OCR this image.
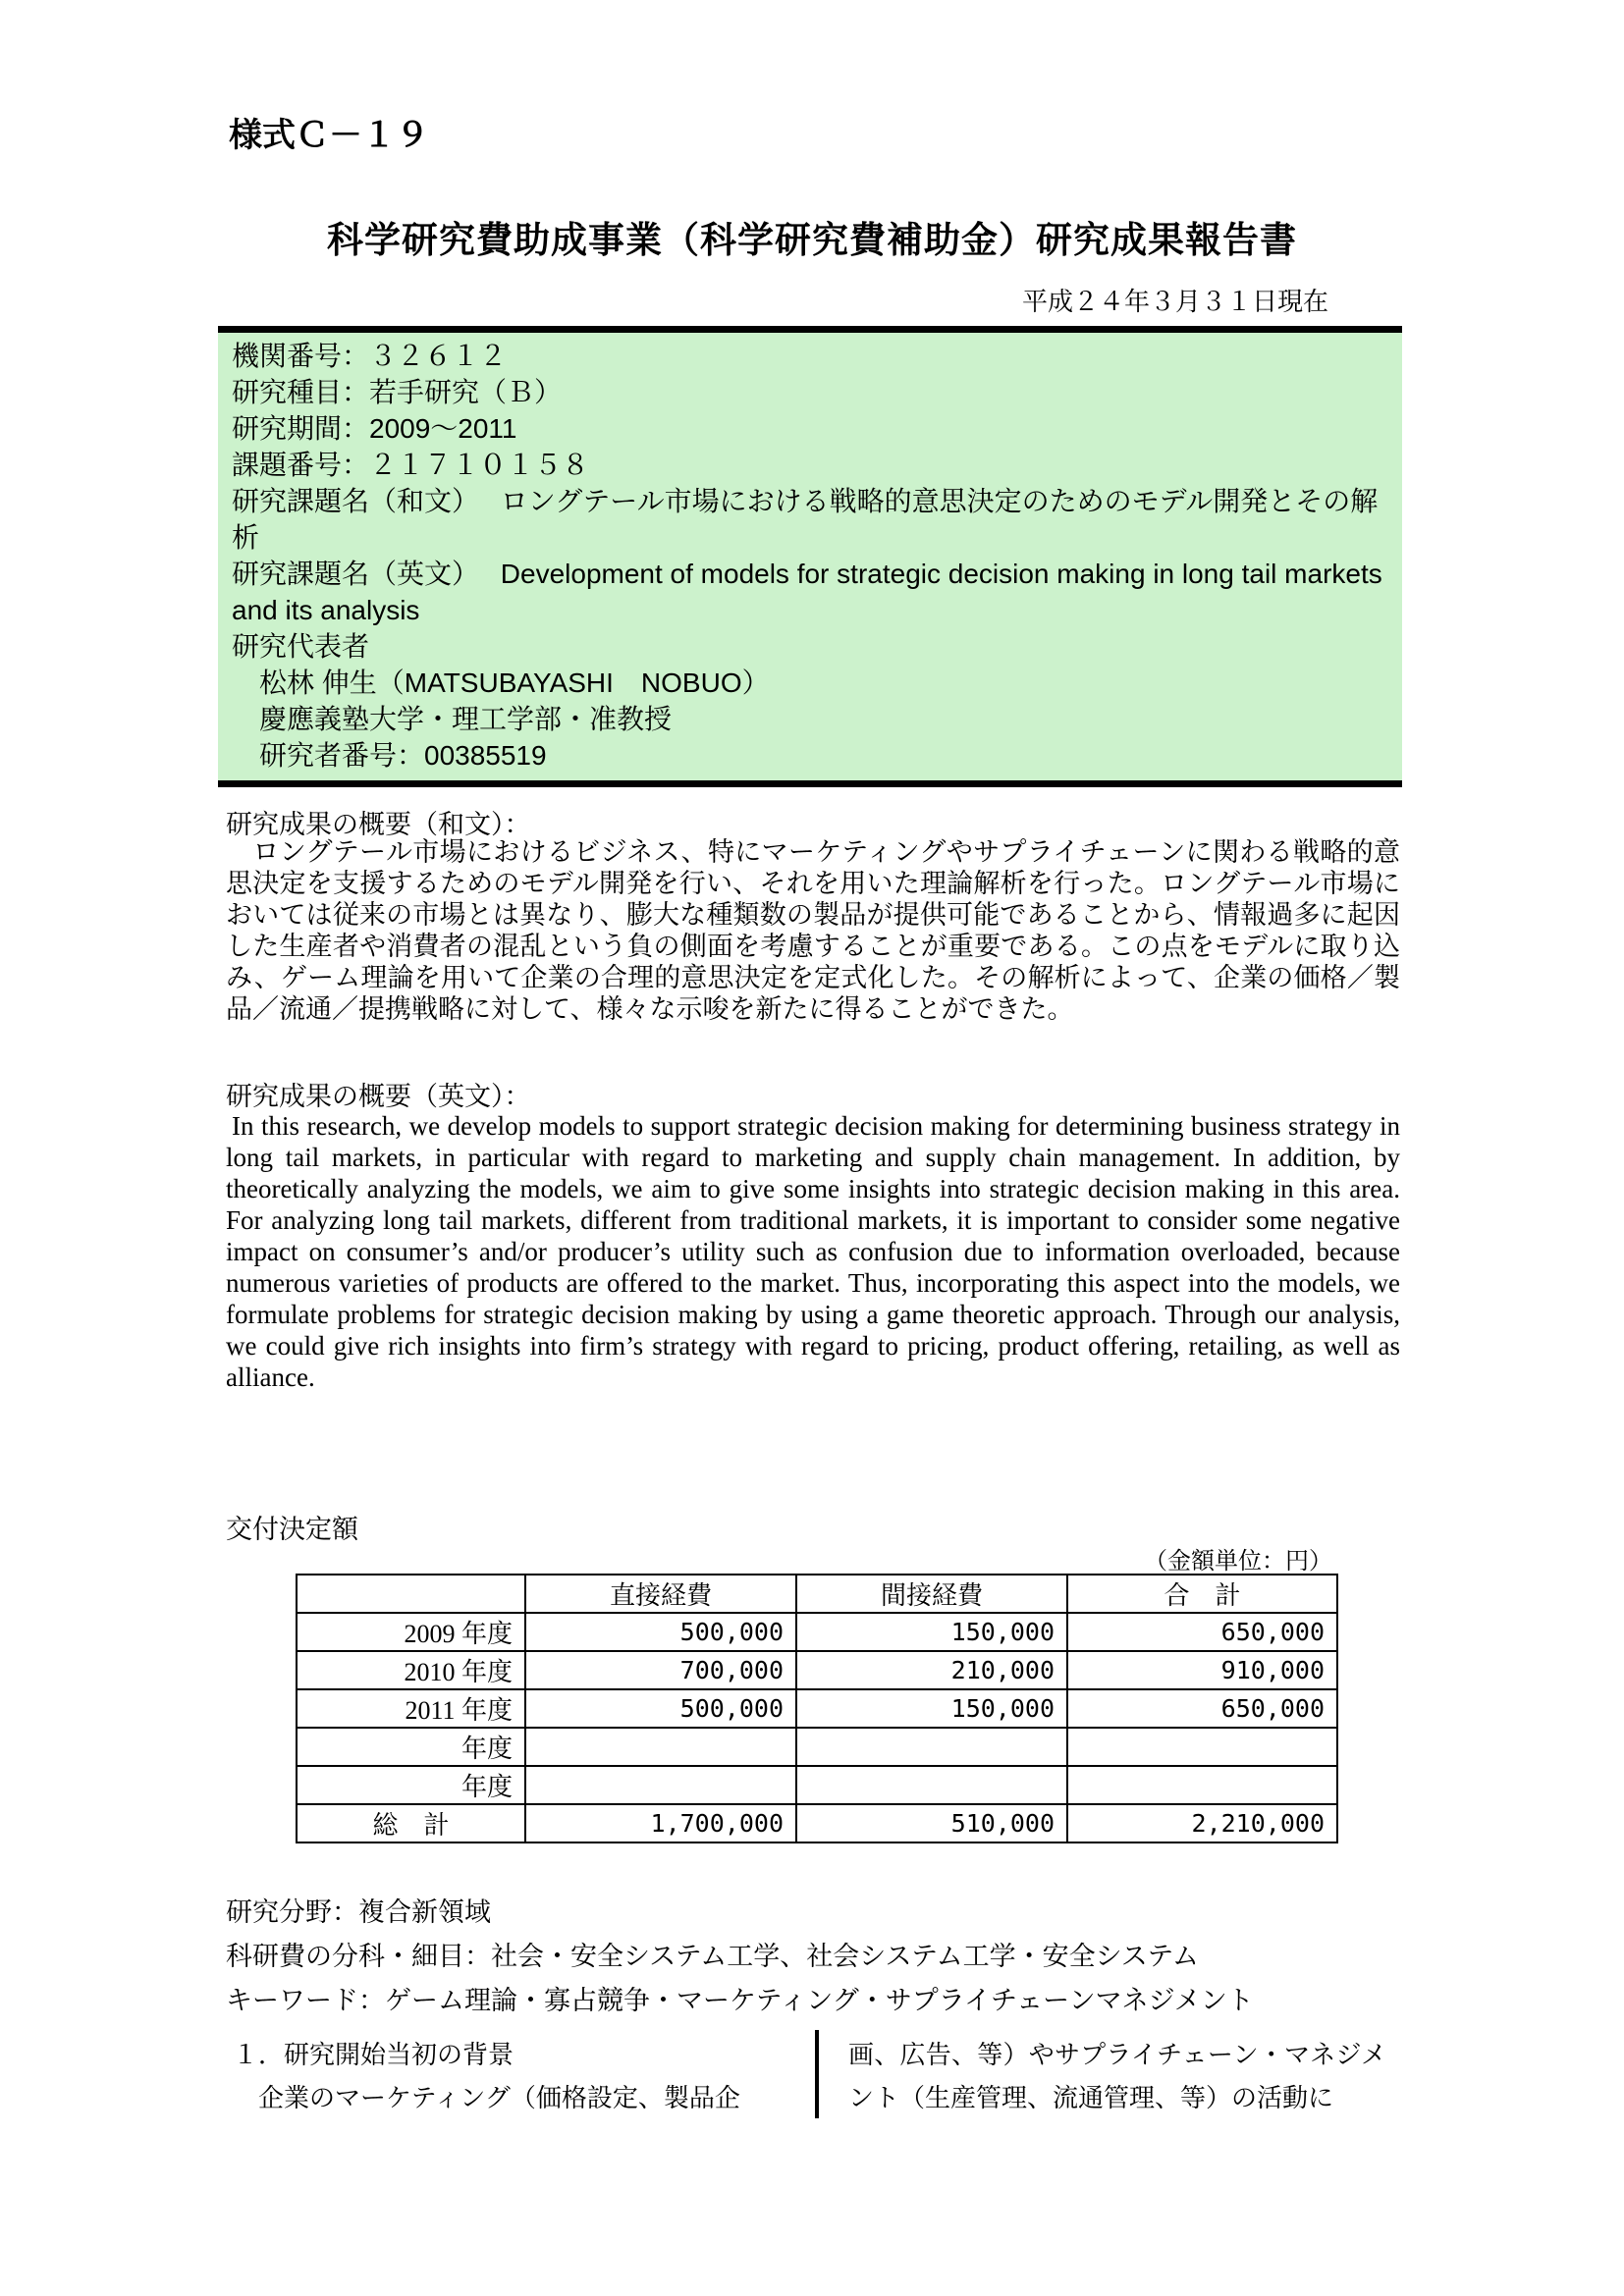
様式Ｃ－１９
科学研究費助成事業（科学研究費補助金）研究成果報告書
平成２４年３月３１日現在
機関番号：３２６１２
研究種目：若手研究（Ｂ）
研究期間：2009～2011
課題番号：２１７１０１５８
研究課題名（和文）　 ロングテール市場における戦略的意思決定のためのモデル開発とその解析
研究課題名（英文）　 Development of models for strategic decision making in long tail markets and its analysis
研究代表者
　松林 伸生（MATSUBAYASHI　NOBUO）
　慶應義塾大学・理工学部・准教授
　研究者番号：00385519
研究成果の概要（和文）：
　ロングテール市場におけるビジネス、特にマーケティングやサプライチェーンに関わる戦略的意思決定を支援するためのモデル開発を行い、それを用いた理論解析を行った。ロングテール市場においては従来の市場とは異なり、膨大な種類数の製品が提供可能であることから、情報過多に起因した生産者や消費者の混乱という負の側面を考慮することが重要である。この点をモデルに取り込み、ゲーム理論を用いて企業の合理的意思決定を定式化した。その解析によって、企業の価格／製品／流通／提携戦略に対して、様々な示唆を新たに得ることができた。
研究成果の概要（英文）：
In this research, we develop models to support strategic decision making for determining business strategy in long tail markets, in particular with regard to marketing and supply chain management. In addition, by theoretically analyzing the models, we aim to give some insights into strategic decision making in this area. For analyzing long tail markets, different from traditional markets, it is important to consider some negative impact on consumer’s and/or producer’s utility such as confusion due to information overloaded, because numerous varieties of products are offered to the market. Thus, incorporating this aspect into the models, we formulate problems for strategic decision making by using a game theoretic approach. Through our analysis, we could give rich insights into firm’s strategy with regard to pricing, product offering, retailing, as well as alliance.
交付決定額
（金額単位：円）
	直接経費	間接経費	合　計
2009 年度	500,000	150,000	650,000
2010 年度	700,000	210,000	910,000
2011 年度	500,000	150,000	650,000
年度			
年度			
総　計	1,700,000	510,000	2,210,000
研究分野：複合新領域
科研費の分科・細目：社会・安全システム工学、社会システム工学・安全システム
キーワード：ゲーム理論・寡占競争・マーケティング・サプライチェーンマネジメント
１．研究開始当初の背景
　企業のマーケティング（価格設定、製品企
画、広告、等）やサプライチェーン・マネジメント（生産管理、流通管理、等）の活動に
